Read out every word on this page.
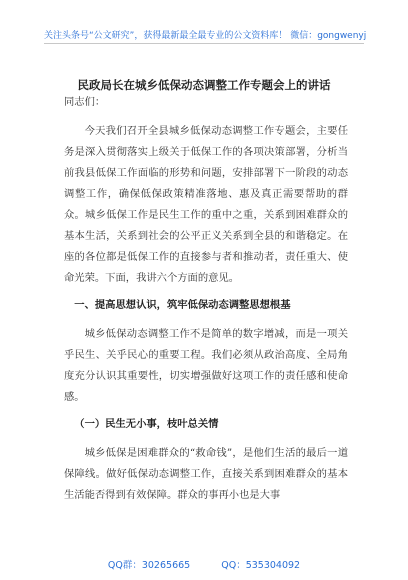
关注头条号“公文研究”，获得最新最全最专业的公文资料库！ 微信：gongwenyj
民政局长在城乡低保动态调整工作专题会上的讲话

同志们：

今天我们召开全县城乡低保动态调整工作专题会，主要任务是深入贯彻落实上级关于低保工作的各项决策部署，分析当前我县低保工作面临的形势和问题，安排部署下一阶段的动态调整工作，确保低保政策精准落地、惠及真正需要帮助的群众。城乡低保工作是民生工作的重中之重，关系到困难群众的基本生活，关系到社会的公平正义关系到全县的和谐稳定。在座的各位都是低保工作的直接参与者和推动者，责任重大、使命光荣。下面，我讲六个方面的意见。

一、提高思想认识，筑牢低保动态调整思想根基

城乡低保动态调整工作不是简单的数字增减，而是一项关乎民生、关乎民心的重要工程。我们必须从政治高度、全局角度充分认识其重要性，切实增强做好这项工作的责任感和使命感。

（一）民生无小事，枝叶总关情

城乡低保是困难群众的“救命钱”，是他们生活的最后一道保障线。做好低保动态调整工作，直接关系到困难群众的基本生活能否得到有效保障。群众的事再小也是大事

QQ群：30265665	QQ：535304092
